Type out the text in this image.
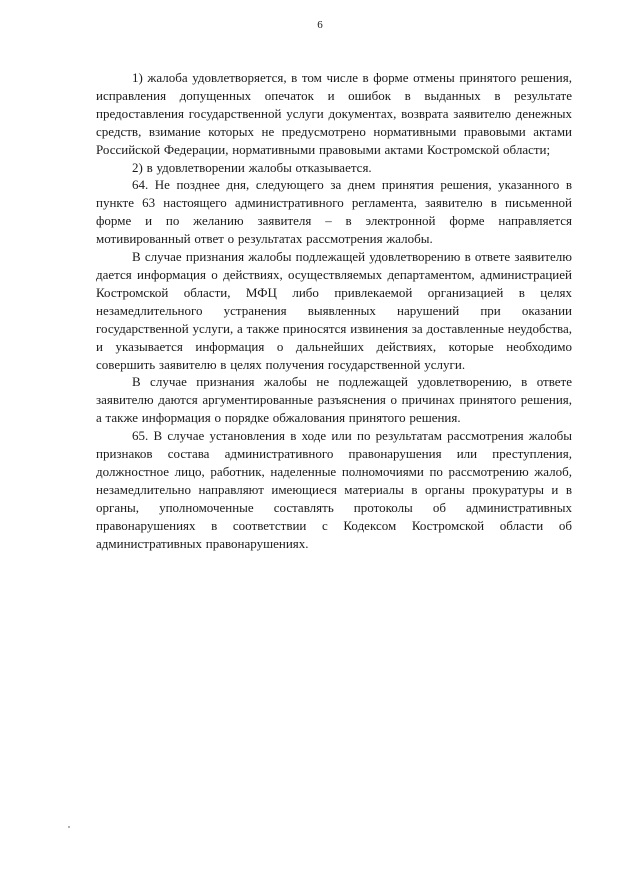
6

1) жалоба удовлетворяется, в том числе в форме отмены принятого решения, исправления допущенных опечаток и ошибок в выданных в результате предоставления государственной услуги документах, возврата заявителю денежных средств, взимание которых не предусмотрено нормативными правовыми актами Российской Федерации, нормативными правовыми актами Костромской области;

2) в удовлетворении жалобы отказывается.

64. Не позднее дня, следующего за днем принятия решения, указанного в пункте 63 настоящего административного регламента, заявителю в письменной форме и по желанию заявителя – в электронной форме направляется мотивированный ответ о результатах рассмотрения жалобы.

В случае признания жалобы подлежащей удовлетворению в ответе заявителю дается информация о действиях, осуществляемых департаментом, администрацией Костромской области, МФЦ либо привлекаемой организацией в целях незамедлительного устранения выявленных нарушений при оказании государственной услуги, а также приносятся извинения за доставленные неудобства, и указывается информация о дальнейших действиях, которые необходимо совершить заявителю в целях получения государственной услуги.

В случае признания жалобы не подлежащей удовлетворению, в ответе заявителю даются аргументированные разъяснения о причинах принятого решения, а также информация о порядке обжалования принятого решения.

65. В случае установления в ходе или по результатам рассмотрения жалобы признаков состава административного правонарушения или преступления, должностное лицо, работник, наделенные полномочиями по рассмотрению жалоб, незамедлительно направляют имеющиеся материалы в органы прокуратуры и в органы, уполномоченные составлять протоколы об административных правонарушениях в соответствии с Кодексом Костромской области об административных правонарушениях.
